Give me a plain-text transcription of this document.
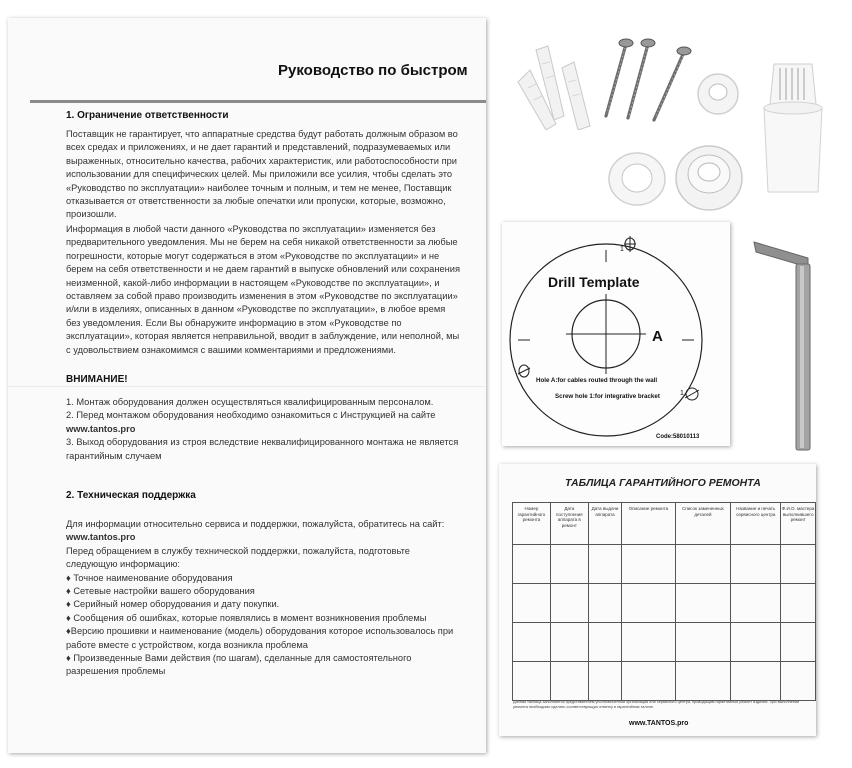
Руководство по быстром
1. Ограничение ответственности
Поставщик не гарантирует, что аппаратные средства будут работать должным образом во
всех средах и приложениях, и не дает гарантий и представлений, подразумеваемых или
выраженных, относительно качества, рабочих характеристик, или работоспособности при
использовании для специфических целей. Мы приложили все усилия, чтобы сделать это
«Руководство по эксплуатации» наиболее точным и полным, и тем не менее, Поставщик
отказывается от ответственности за любые опечатки или пропуски, которые, возможно,
произошли.
Информация в любой части данного «Руководства по эксплуатации» изменяется без
предварительного уведомления. Мы не берем на себя никакой ответственности за любые
погрешности, которые могут содержаться в этом «Руководстве по эксплуатации» и не
берем на себя ответственности и не даем гарантий в выпуске обновлений или сохранения
неизменной, какой-либо информации в настоящем «Руководстве по эксплуатации», и
оставляем за собой право производить изменения в этом «Руководстве по эксплуатации»
и/или в изделиях, описанных в данном «Руководстве по эксплуатации», в любое время
без уведомления. Если Вы обнаружите информацию в этом «Руководстве по
эксплуатации», которая является неправильной, вводит в заблуждение, или неполной, мы
с удовольствием ознакомимся с вашими комментариями и предложениями.
ВНИМАНИЕ!
1. Монтаж оборудования должен осуществляться квалифицированным персоналом.
2. Перед монтажом оборудования необходимо ознакомиться с Инструкцией на сайте
www.tantos.pro
3. Выход оборудования из строя вследствие неквалифицированного монтажа не является
гарантийным случаем
2. Техническая поддержка
Для информации относительно сервиса и поддержки, пожалуйста, обратитесь на сайт:
www.tantos.pro
Перед обращением в службу технической поддержки, пожалуйста, подготовьте
следующую информацию:
♦ Точное наименование оборудования
♦ Сетевые настройки вашего оборудования
♦ Серийный номер оборудования и дату покупки.
♦ Сообщения об ошибках, которые появлялись в момент возникновения проблемы
♦Версию прошивки и наименование (модель) оборудования которое использовалось при
работе вместе с устройством, когда возникла проблема
♦ Произведенные Вами действия (по шагам), сделанные для самостоятельного
разрешения проблемы
1
Drill Template
A
Hole A:for cables routed through the wall
Screw hole 1:for integrative bracket	1
Code:58010113
ТАБЛИЦА ГАРАНТИЙНОГО РЕМОНТА
Номер гарантийного ремонта	Дата поступления аппарата в ремонт	Дата выдачи аппарата	Описание ремонта	Список замененных деталей	Название и печать сервисного центра	Ф.И.О. мастера выполнившего ремонт

Данная таблица заполняется представителем уполномоченной организации или сервисного центра, проводящим гарантийный ремонт изделия. При выполнении ремонта необходимо сделать соответствующую отметку в гарантийном талоне.
www.TANTOS.pro
